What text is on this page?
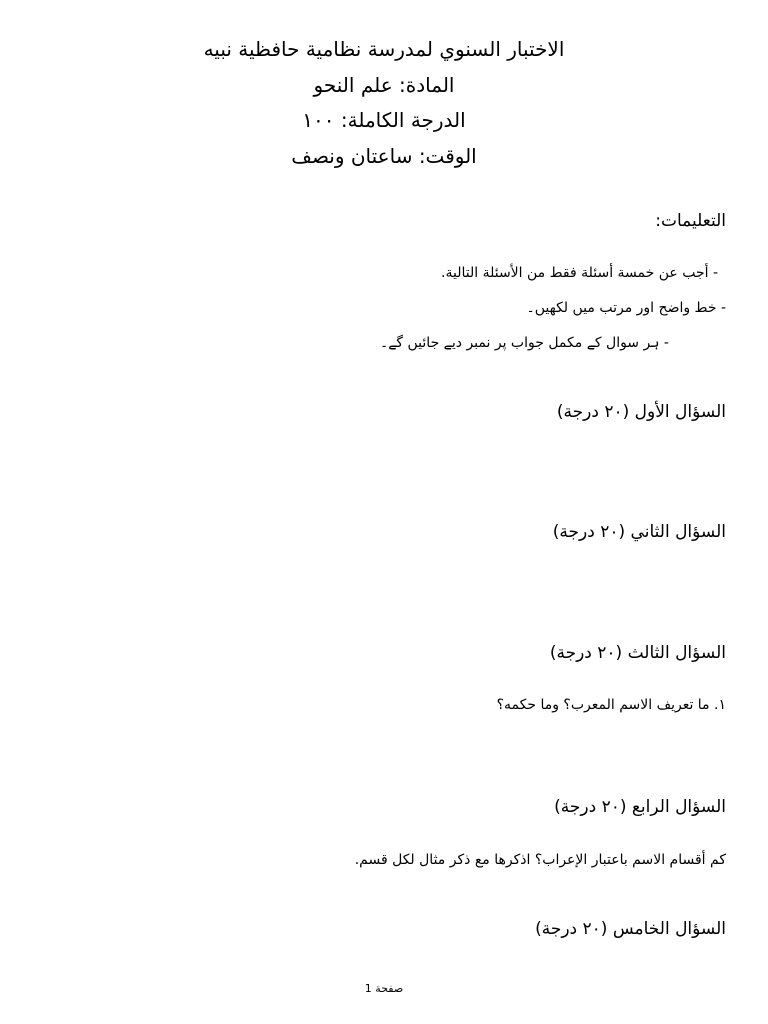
الاختبار السنوي لمدرسة نظامية حافظية نبيه
المادة: علم النحو
الدرجة الكاملة: ١٠٠
الوقت: ساعتان ونصف
التعليمات:
- أجب عن خمسة أسئلة فقط من الأسئلة التالية.
- خط واضح اور مرتب میں لکھیں۔
- ہر سوال کے مکمل جواب پر نمبر دیے جائیں گے۔
السؤال الأول (٢٠ درجة)
السؤال الثاني (٢٠ درجة)
السؤال الثالث (٢٠ درجة)
١. ما تعريف الاسم المعرب؟ وما حكمه؟
السؤال الرابع (٢٠ درجة)
كم أقسام الاسم باعتبار الإعراب؟ اذكرها مع ذكر مثال لكل قسم.
السؤال الخامس (٢٠ درجة)
صفحة 1
